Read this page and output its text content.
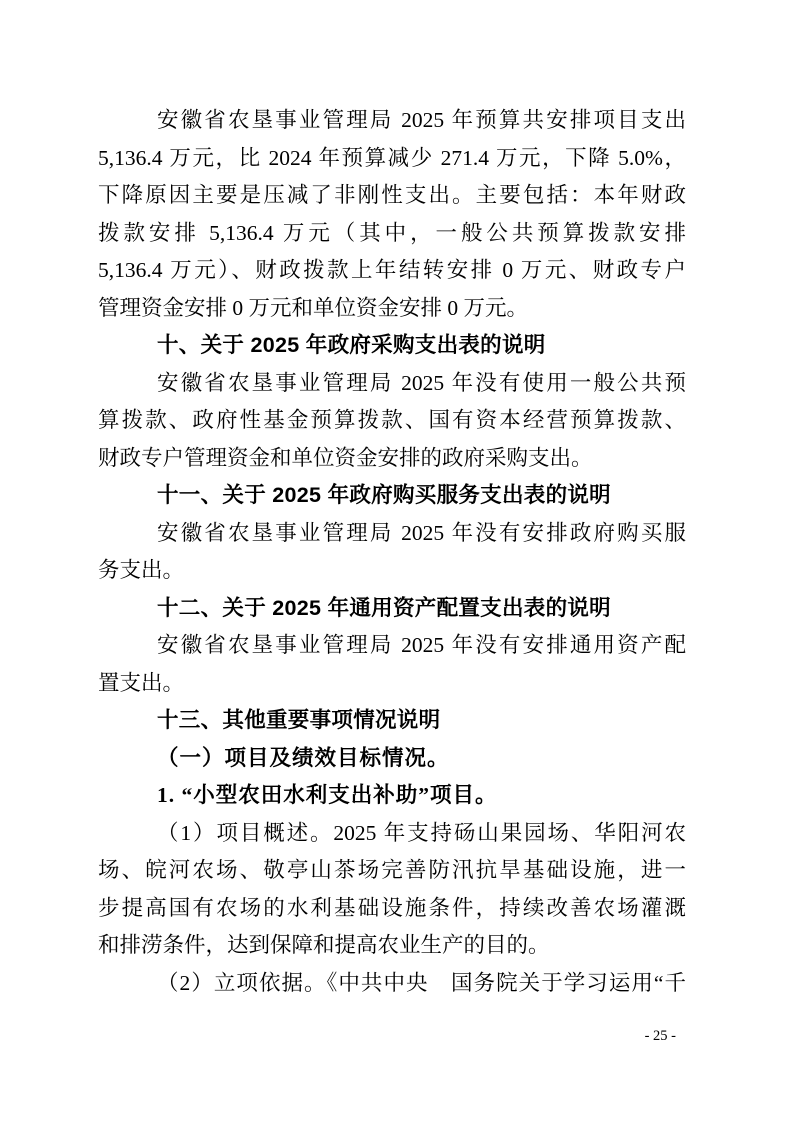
安徽省农垦事业管理局 2025 年预算共安排项目支出
5,136.4 万元，比 2024 年预算减少 271.4 万元，下降 5.0%，
下降原因主要是压减了非刚性支出。主要包括：本年财政
拨款安排 5,136.4 万元（其中，一般公共预算拨款安排
5,136.4 万元）、财政拨款上年结转安排 0 万元、财政专户
管理资金安排 0 万元和单位资金安排 0 万元。
十、关于 2025 年政府采购支出表的说明
安徽省农垦事业管理局 2025 年没有使用一般公共预
算拨款、政府性基金预算拨款、国有资本经营预算拨款、
财政专户管理资金和单位资金安排的政府采购支出。
十一、关于 2025 年政府购买服务支出表的说明
安徽省农垦事业管理局 2025 年没有安排政府购买服
务支出。
十二、关于 2025 年通用资产配置支出表的说明
安徽省农垦事业管理局 2025 年没有安排通用资产配
置支出。
十三、其他重要事项情况说明
（一）项目及绩效目标情况。
1. “小型农田水利支出补助”项目。
（1）项目概述。2025 年支持砀山果园场、华阳河农
场、皖河农场、敬亭山茶场完善防汛抗旱基础设施，进一
步提高国有农场的水利基础设施条件，持续改善农场灌溉
和排涝条件，达到保障和提高农业生产的目的。
（2）立项依据。《中共中央　国务院关于学习运用“千
- 25 -
